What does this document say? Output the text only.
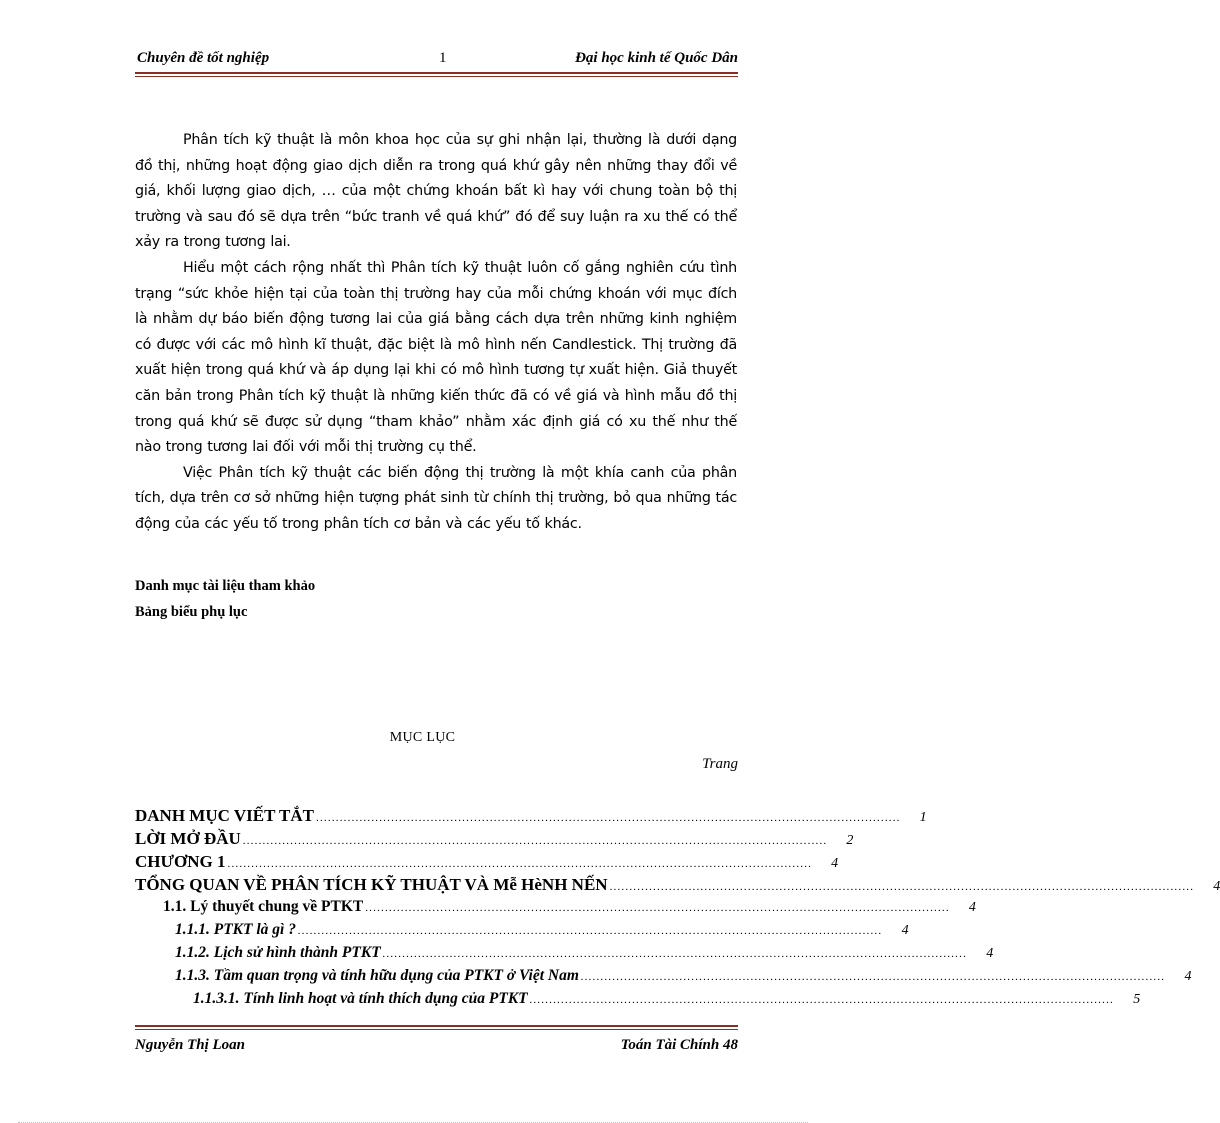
Chuyên đề tốt nghiệp	1	Đại học kinh tế Quốc Dân

Phân tích kỹ thuật là môn khoa học của sự ghi nhận lại, thường là dưới dạng đồ thị, những hoạt động giao dịch diễn ra trong quá khứ gây nên những thay đổi về giá, khối lượng giao dịch, … của một chứng khoán bất kì hay với chung toàn bộ thị trường và sau đó sẽ dựa trên “bức tranh về quá khứ” đó để suy luận ra xu thế có thể xảy ra trong tương lai.

Hiểu một cách rộng nhất thì Phân tích kỹ thuật luôn cố gắng nghiên cứu tình trạng “sức khỏe hiện tại của toàn thị trường hay của mỗi chứng khoán với mục đích là nhằm dự báo biến động tương lai của giá bằng cách dựa trên những kinh nghiệm có được với các mô hình kĩ thuật, đặc biệt là mô hình nến Candlestick. Thị trường đã xuất hiện trong quá khứ và áp dụng lại khi có mô hình tương tự xuất hiện. Giả thuyết căn bản trong Phân tích kỹ thuật là những kiến thức đã có về giá và hình mẫu đồ thị trong quá khứ sẽ được sử dụng “tham khảo” nhằm xác định giá có xu thế như thế nào trong tương lai đối với mỗi thị trường cụ thể.

Việc Phân tích kỹ thuật các biến động thị trường là một khía canh của phân tích, dựa trên cơ sở những hiện tượng phát sinh từ chính thị trường, bỏ qua những tác động của các yếu tố trong phân tích cơ bản và các yếu tố khác.

Danh mục tài liệu tham khảo
Bảng biểu phụ lục
MỤC LỤC
Trang
DANH MỤC VIẾT TẮT ....................................................................................................................................................	1
LỜI MỞ ĐẦU ....................................................................................................................................................	2
CHƯƠNG 1 ....................................................................................................................................................	4
TỔNG QUAN VỀ PHÂN TÍCH KỸ THUẬT VÀ Mễ HèNH NẾN ....................................................................................................................................................	4
1.1. Lý thuyết chung về PTKT ....................................................................................................................................................	4
1.1.1. PTKT là gì ? ....................................................................................................................................................	4
1.1.2. Lịch sử hình thành PTKT ....................................................................................................................................................	4
1.1.3. Tầm quan trọng và tính hữu dụng của PTKT ở Việt Nam ....................................................................................................................................................	4
1.1.3.1. Tính linh hoạt và tính thích dụng của PTKT ....................................................................................................................................................	5
Nguyễn Thị Loan	Toán Tài Chính 48
